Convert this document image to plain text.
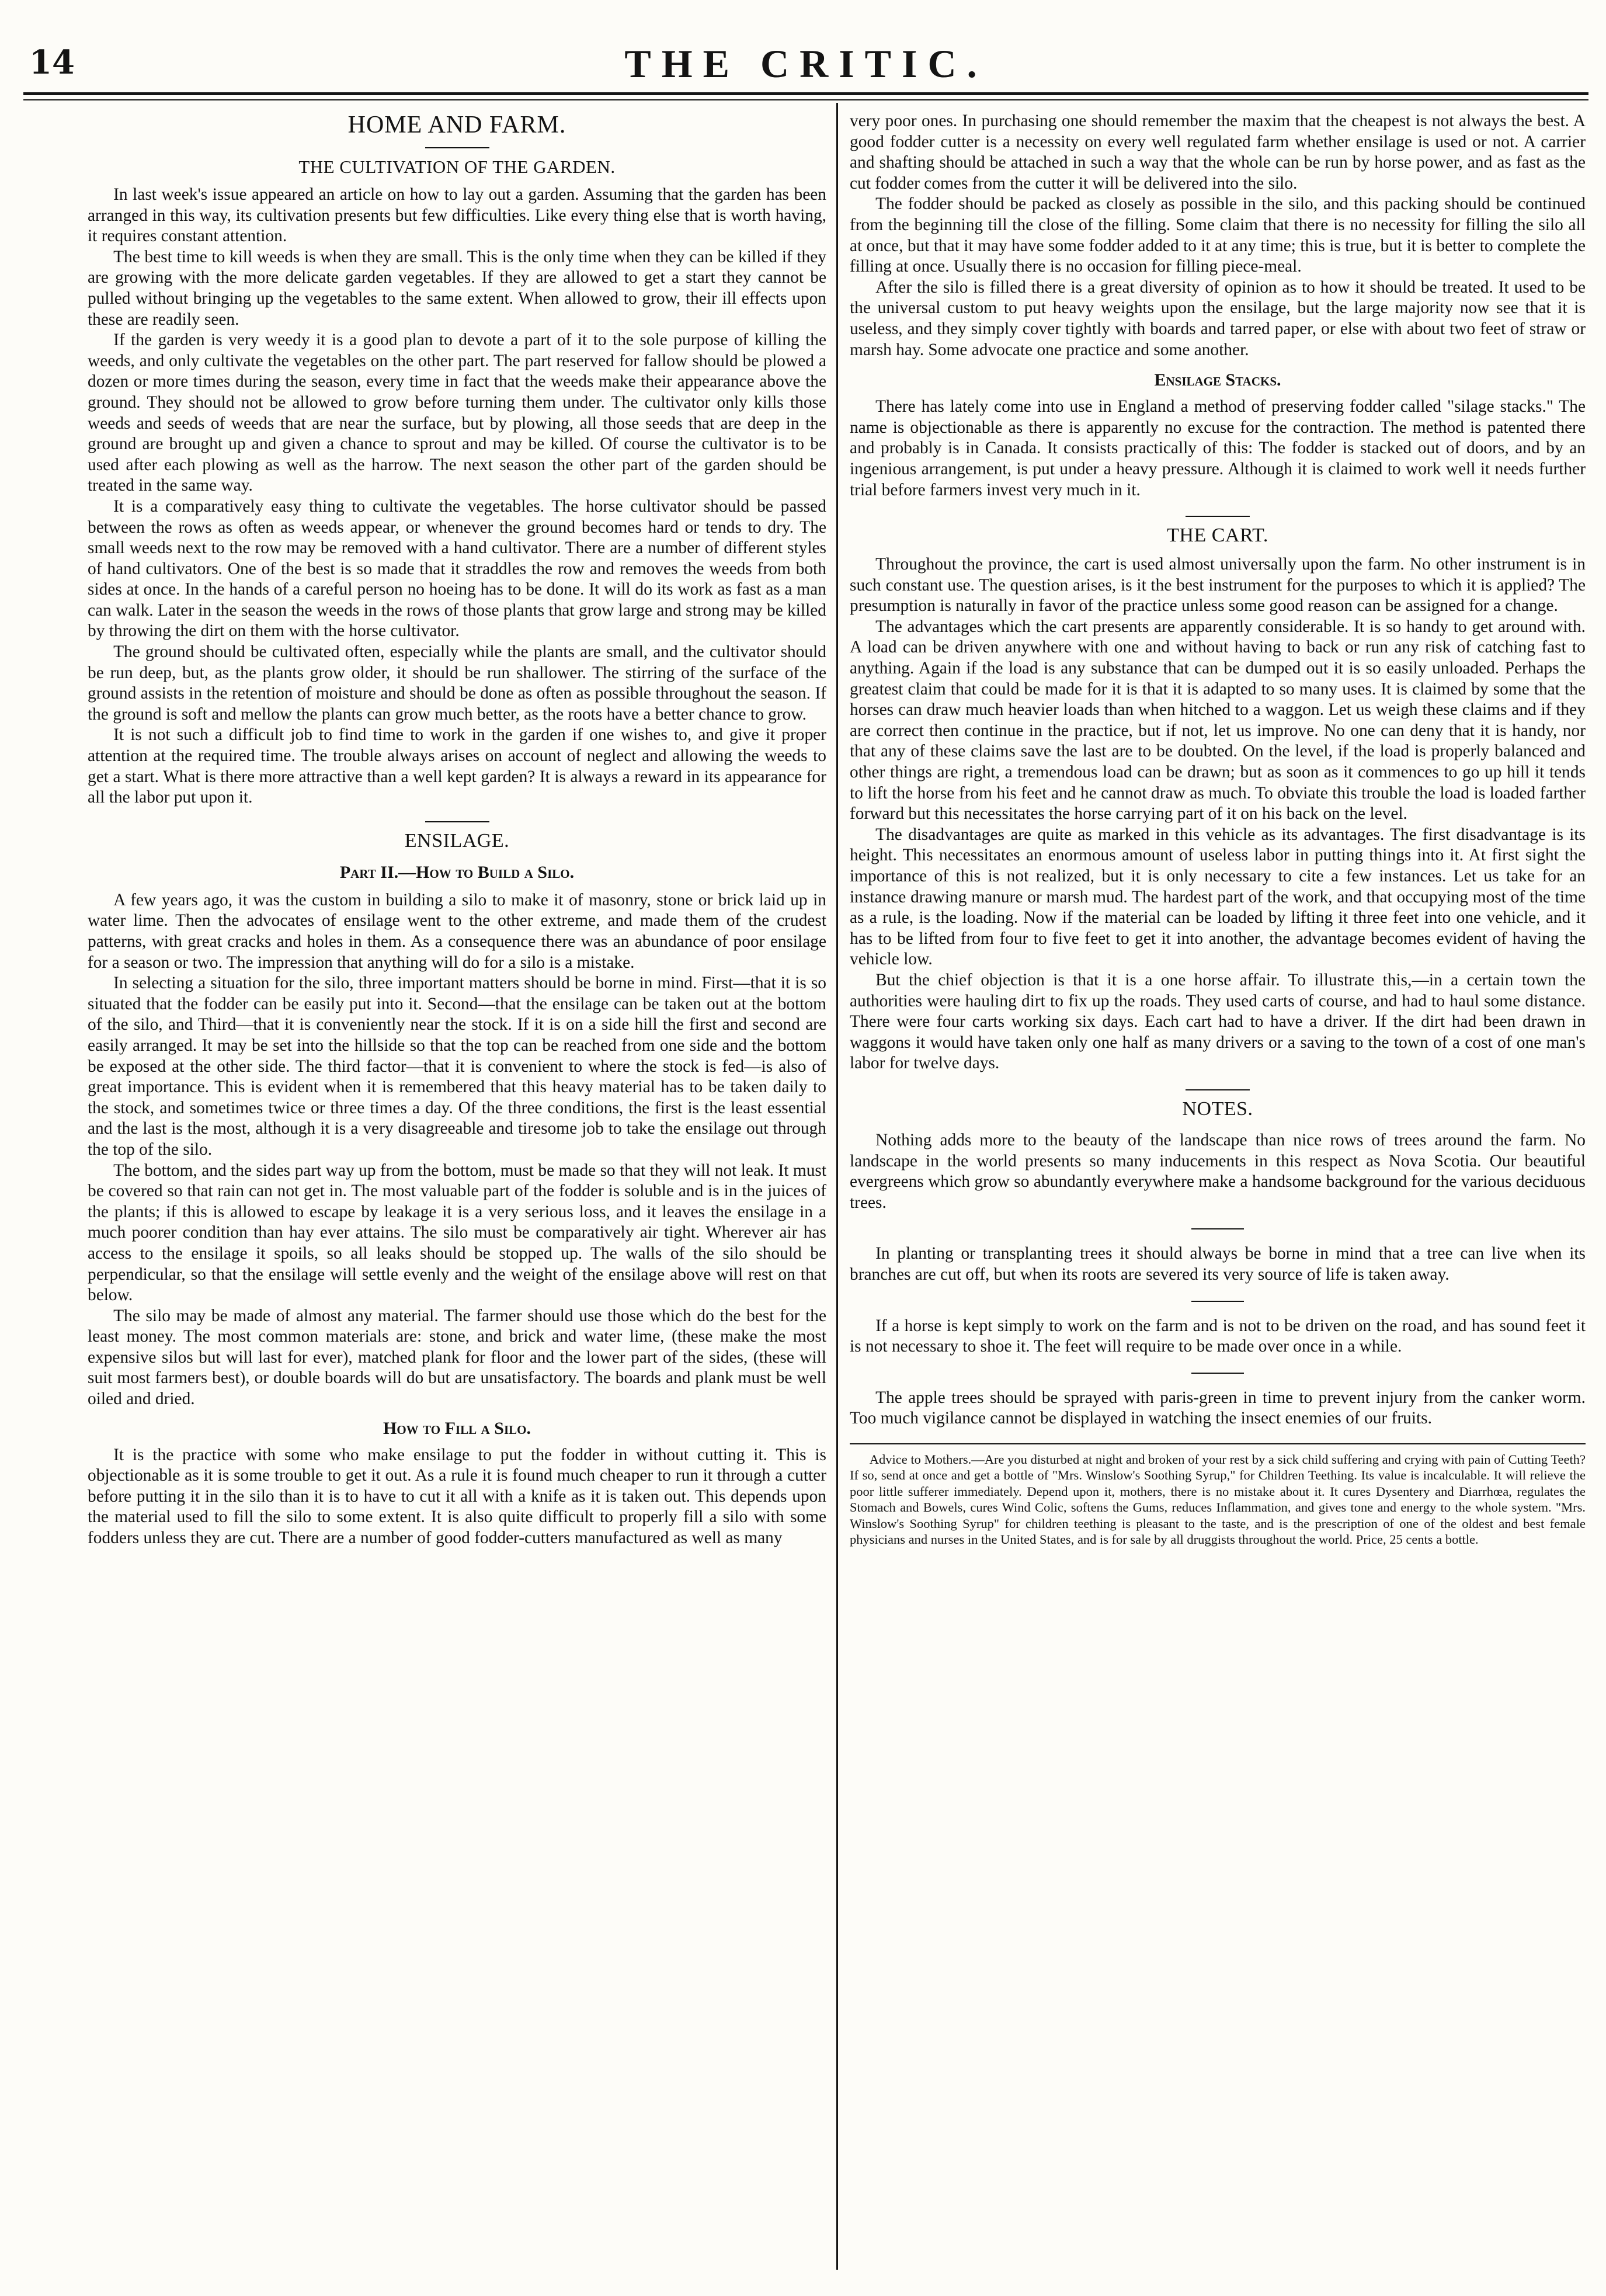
14	THE CRITIC.
HOME AND FARM.
THE CULTIVATION OF THE GARDEN.

In last week's issue appeared an article on how to lay out a garden. Assuming that the garden has been arranged in this way, its cultivation presents but few difficulties. Like every thing else that is worth having, it requires constant attention.

The best time to kill weeds is when they are small. This is the only time when they can be killed if they are growing with the more delicate garden vegetables. If they are allowed to get a start they cannot be pulled without bringing up the vegetables to the same extent. When allowed to grow, their ill effects upon these are readily seen.

If the garden is very weedy it is a good plan to devote a part of it to the sole purpose of killing the weeds, and only cultivate the vegetables on the other part. The part reserved for fallow should be plowed a dozen or more times during the season, every time in fact that the weeds make their appearance above the ground. They should not be allowed to grow before turning them under. The cultivator only kills those weeds and seeds of weeds that are near the surface, but by plowing, all those seeds that are deep in the ground are brought up and given a chance to sprout and may be killed. Of course the cultivator is to be used after each plowing as well as the harrow. The next season the other part of the garden should be treated in the same way.

It is a comparatively easy thing to cultivate the vegetables. The horse cultivator should be passed between the rows as often as weeds appear, or whenever the ground becomes hard or tends to dry. The small weeds next to the row may be removed with a hand cultivator. There are a number of different styles of hand cultivators. One of the best is so made that it straddles the row and removes the weeds from both sides at once. In the hands of a careful person no hoeing has to be done. It will do its work as fast as a man can walk. Later in the season the weeds in the rows of those plants that grow large and strong may be killed by throwing the dirt on them with the horse cultivator.

The ground should be cultivated often, especially while the plants are small, and the cultivator should be run deep, but, as the plants grow older, it should be run shallower. The stirring of the surface of the ground assists in the retention of moisture and should be done as often as possible throughout the season. If the ground is soft and mellow the plants can grow much better, as the roots have a better chance to grow.

It is not such a difficult job to find time to work in the garden if one wishes to, and give it proper attention at the required time. The trouble always arises on account of neglect and allowing the weeds to get a start. What is there more attractive than a well kept garden? It is always a reward in its appearance for all the labor put upon it.

ENSILAGE.
Part II.—How to Build a Silo.

A few years ago, it was the custom in building a silo to make it of masonry, stone or brick laid up in water lime. Then the advocates of ensilage went to the other extreme, and made them of the crudest patterns, with great cracks and holes in them. As a consequence there was an abundance of poor ensilage for a season or two. The impression that anything will do for a silo is a mistake.

In selecting a situation for the silo, three important matters should be borne in mind. First—that it is so situated that the fodder can be easily put into it. Second—that the ensilage can be taken out at the bottom of the silo, and Third—that it is conveniently near the stock. If it is on a side hill the first and second are easily arranged. It may be set into the hillside so that the top can be reached from one side and the bottom be exposed at the other side. The third factor—that it is convenient to where the stock is fed—is also of great importance. This is evident when it is remembered that this heavy material has to be taken daily to the stock, and sometimes twice or three times a day. Of the three conditions, the first is the least essential and the last is the most, although it is a very disagreeable and tiresome job to take the ensilage out through the top of the silo.

The bottom, and the sides part way up from the bottom, must be made so that they will not leak. It must be covered so that rain can not get in. The most valuable part of the fodder is soluble and is in the juices of the plants; if this is allowed to escape by leakage it is a very serious loss, and it leaves the ensilage in a much poorer condition than hay ever attains. The silo must be comparatively air tight. Wherever air has access to the ensilage it spoils, so all leaks should be stopped up. The walls of the silo should be perpendicular, so that the ensilage will settle evenly and the weight of the ensilage above will rest on that below.

The silo may be made of almost any material. The farmer should use those which do the best for the least money. The most common materials are: stone, and brick and water lime, (these make the most expensive silos but will last for ever), matched plank for floor and the lower part of the sides, (these will suit most farmers best), or double boards will do but are unsatisfactory. The boards and plank must be well oiled and dried.

How to Fill a Silo.

It is the practice with some who make ensilage to put the fodder in without cutting it. This is objectionable as it is some trouble to get it out. As a rule it is found much cheaper to run it through a cutter before putting it in the silo than it is to have to cut it all with a knife as it is taken out. This depends upon the material used to fill the silo to some extent. It is also quite difficult to properly fill a silo with some fodders unless they are cut. There are a number of good fodder-cutters manufactured as well as many

very poor ones. In purchasing one should remember the maxim that the cheapest is not always the best. A good fodder cutter is a necessity on every well regulated farm whether ensilage is used or not. A carrier and shafting should be attached in such a way that the whole can be run by horse power, and as fast as the cut fodder comes from the cutter it will be delivered into the silo.

The fodder should be packed as closely as possible in the silo, and this packing should be continued from the beginning till the close of the filling. Some claim that there is no necessity for filling the silo all at once, but that it may have some fodder added to it at any time; this is true, but it is better to complete the filling at once. Usually there is no occasion for filling piece-meal.

After the silo is filled there is a great diversity of opinion as to how it should be treated. It used to be the universal custom to put heavy weights upon the ensilage, but the large majority now see that it is useless, and they simply cover tightly with boards and tarred paper, or else with about two feet of straw or marsh hay. Some advocate one practice and some another.

Ensilage Stacks.

There has lately come into use in England a method of preserving fodder called "silage stacks." The name is objectionable as there is apparently no excuse for the contraction. The method is patented there and probably is in Canada. It consists practically of this: The fodder is stacked out of doors, and by an ingenious arrangement, is put under a heavy pressure. Although it is claimed to work well it needs further trial before farmers invest very much in it.

THE CART.

Throughout the province, the cart is used almost universally upon the farm. No other instrument is in such constant use. The question arises, is it the best instrument for the purposes to which it is applied? The presumption is naturally in favor of the practice unless some good reason can be assigned for a change.

The advantages which the cart presents are apparently considerable. It is so handy to get around with. A load can be driven anywhere with one and without having to back or run any risk of catching fast to anything. Again if the load is any substance that can be dumped out it is so easily unloaded. Perhaps the greatest claim that could be made for it is that it is adapted to so many uses. It is claimed by some that the horses can draw much heavier loads than when hitched to a waggon. Let us weigh these claims and if they are correct then continue in the practice, but if not, let us improve. No one can deny that it is handy, nor that any of these claims save the last are to be doubted. On the level, if the load is properly balanced and other things are right, a tremendous load can be drawn; but as soon as it commences to go up hill it tends to lift the horse from his feet and he cannot draw as much. To obviate this trouble the load is loaded farther forward but this necessitates the horse carrying part of it on his back on the level.

The disadvantages are quite as marked in this vehicle as its advantages. The first disadvantage is its height. This necessitates an enormous amount of useless labor in putting things into it. At first sight the importance of this is not realized, but it is only necessary to cite a few instances. Let us take for an instance drawing manure or marsh mud. The hardest part of the work, and that occupying most of the time as a rule, is the loading. Now if the material can be loaded by lifting it three feet into one vehicle, and it has to be lifted from four to five feet to get it into another, the advantage becomes evident of having the vehicle low.

But the chief objection is that it is a one horse affair. To illustrate this,—in a certain town the authorities were hauling dirt to fix up the roads. They used carts of course, and had to haul some distance. There were four carts working six days. Each cart had to have a driver. If the dirt had been drawn in waggons it would have taken only one half as many drivers or a saving to the town of a cost of one man's labor for twelve days.

NOTES.

Nothing adds more to the beauty of the landscape than nice rows of trees around the farm. No landscape in the world presents so many inducements in this respect as Nova Scotia. Our beautiful evergreens which grow so abundantly everywhere make a handsome background for the various deciduous trees.

In planting or transplanting trees it should always be borne in mind that a tree can live when its branches are cut off, but when its roots are severed its very source of life is taken away.

If a horse is kept simply to work on the farm and is not to be driven on the road, and has sound feet it is not necessary to shoe it. The feet will require to be made over once in a while.

The apple trees should be sprayed with paris-green in time to prevent injury from the canker worm. Too much vigilance cannot be displayed in watching the insect enemies of our fruits.

Advice to Mothers.—Are you disturbed at night and broken of your rest by a sick child suffering and crying with pain of Cutting Teeth? If so, send at once and get a bottle of "Mrs. Winslow's Soothing Syrup," for Children Teething. Its value is incalculable. It will relieve the poor little sufferer immediately. Depend upon it, mothers, there is no mistake about it. It cures Dysentery and Diarrhœa, regulates the Stomach and Bowels, cures Wind Colic, softens the Gums, reduces Inflammation, and gives tone and energy to the whole system. "Mrs. Winslow's Soothing Syrup" for children teething is pleasant to the taste, and is the prescription of one of the oldest and best female physicians and nurses in the United States, and is for sale by all druggists throughout the world. Price, 25 cents a bottle.
